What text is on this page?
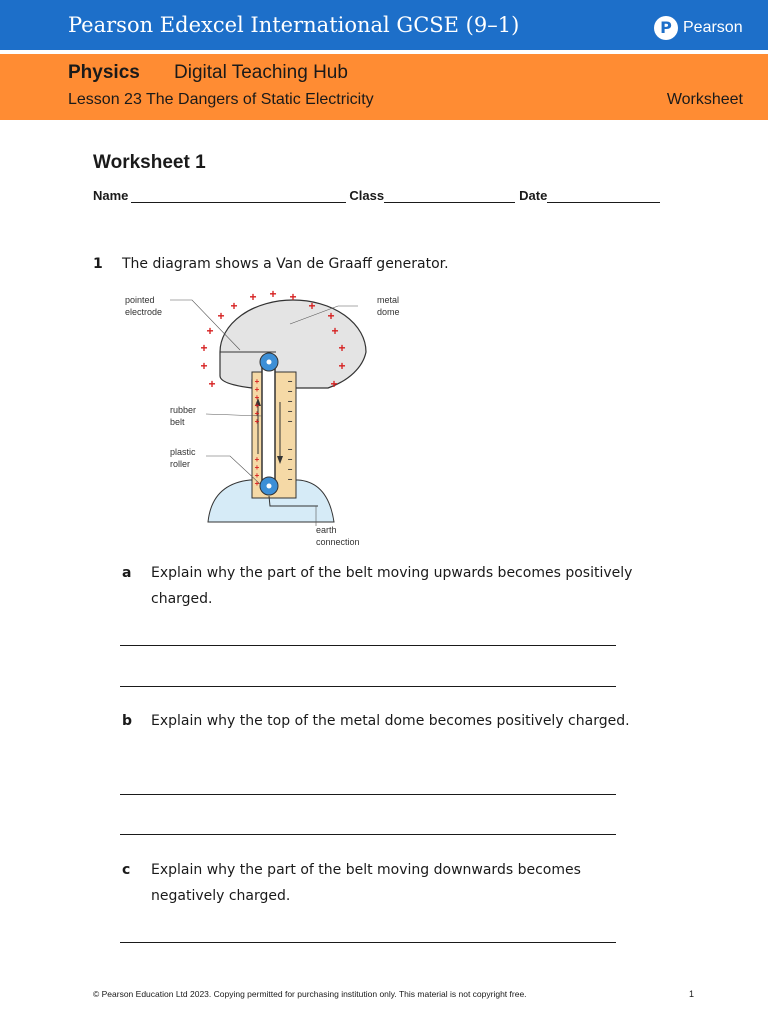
Pearson Edexcel International GCSE (9–1)	P Pearson
Physics Digital Teaching Hub
Lesson 23 The Dangers of Static Electricity	Worksheet
Worksheet 1
Name	Class	Date
1 The diagram shows a Van de Graaff generator.
pointed
electrode
metal
dome
rubber
belt
plastic
roller
earth
connection
+
+ + +
+
+	+
+	+
+	+
+	+
+	+
+
+
+
+
+
+
+
+
+
+
−
−
−
−
−
−
−
−
−
a Explain why the part of the belt moving upwards becomes positively charged.
b Explain why the top of the metal dome becomes positively charged.
c Explain why the part of the belt moving downwards becomes negatively charged.
© Pearson Education Ltd 2023. Copying permitted for purchasing institution only. This material is not copyright free.	1
